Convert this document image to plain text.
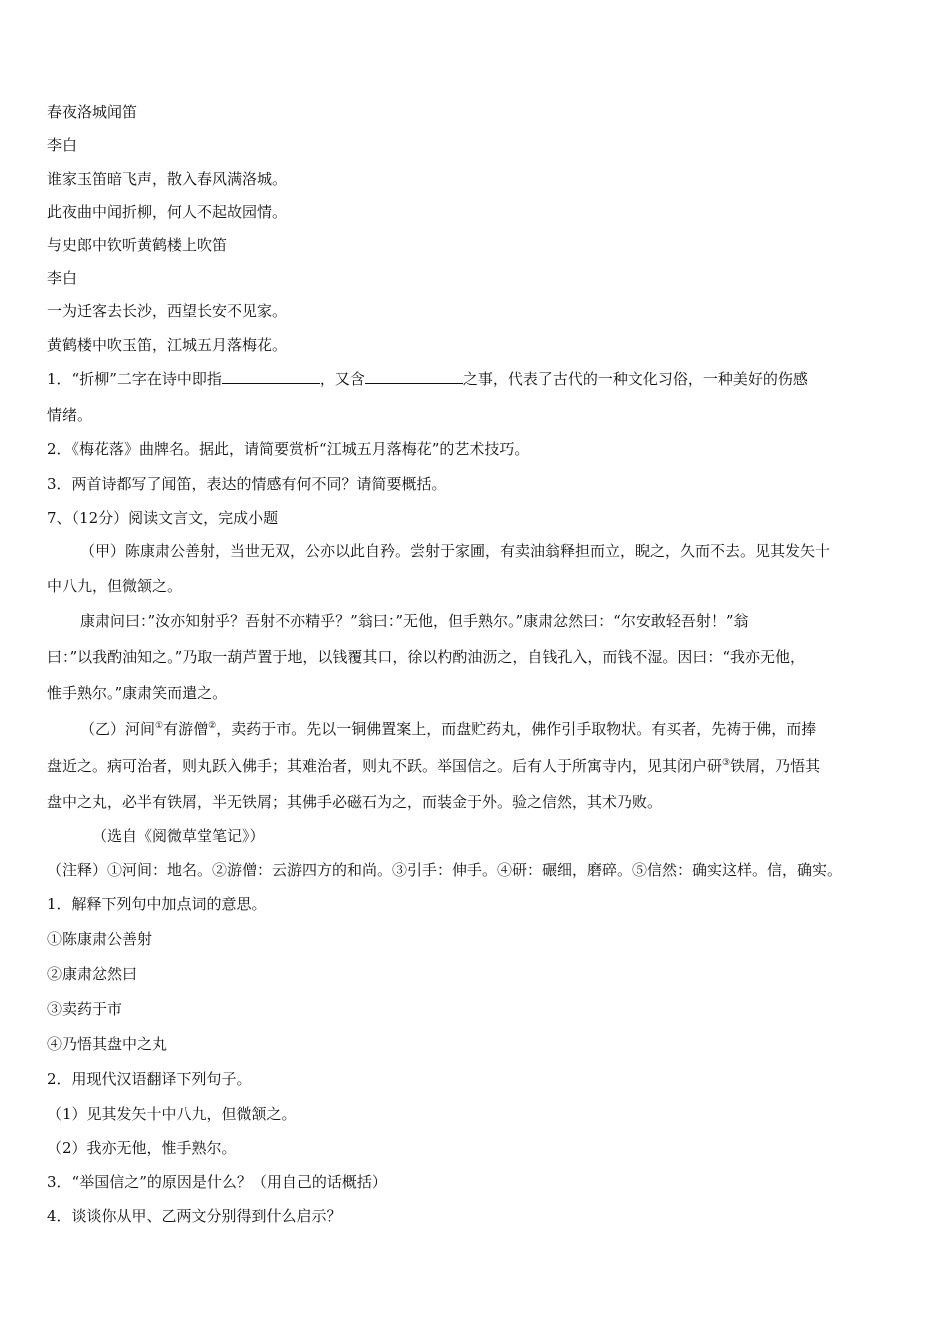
春夜洛城闻笛
李白
谁家玉笛暗飞声，散入春风满洛城。
此夜曲中闻折柳，何人不起故园情。
与史郎中钦听黄鹤楼上吹笛
李白
一为迁客去长沙，西望长安不见家。
黄鹤楼中吹玉笛，江城五月落梅花。
1．“折柳”二字在诗中即指	，又含	之事，代表了古代的一种文化习俗，一种美好的伤感
情绪。
2．《梅花落》曲牌名。据此，请简要赏析“江城五月落梅花”的艺术技巧。
3．两首诗都写了闻笛，表达的情感有何不同？请简要概括。
7、（12分）阅读文言文，完成小题
（甲）陈康肃公善射，当世无双，公亦以此自矜。尝射于家圃，有卖油翁释担而立，睨之，久而不去。见其发矢十
中八九，但微颔之。
康肃问曰：”汝亦知射乎？吾射不亦精乎？”翁曰：”无他，但手熟尔。”康肃忿然曰：“尔安敢轻吾射！”翁
曰：”以我酌油知之。”乃取一葫芦置于地，以钱覆其口，徐以杓酌油沥之，自钱孔入，而钱不湿。因曰：“我亦无他，
惟手熟尔。”康肃笑而遣之。
（乙）河间①有游僧②，卖药于市。先以一铜佛置案上，而盘贮药丸，佛作引手取物状。有买者，先祷于佛，而捧
盘近之。病可治者，则丸跃入佛手；其难治者，则丸不跃。举国信之。后有人于所寓寺内，见其闭户研③铁屑，乃悟其
盘中之丸，必半有铁屑，半无铁屑；其佛手必磁石为之，而装金于外。验之信然，其术乃败。
（选自《阅微草堂笔记》）
（注释）①河间：地名。②游僧：云游四方的和尚。③引手：伸手。④研：碾细，磨碎。⑤信然：确实这样。信，确实。
1．解释下列句中加点词的意思。
①陈康肃公善射
②康肃忿然曰
③卖药于市
④乃悟其盘中之丸
2．用现代汉语翻译下列句子。
（1）见其发矢十中八九，但微颔之。
（2）我亦无他，惟手熟尔。
3．“举国信之”的原因是什么？（用自己的话概括）
4．谈谈你从甲、乙两文分别得到什么启示？
